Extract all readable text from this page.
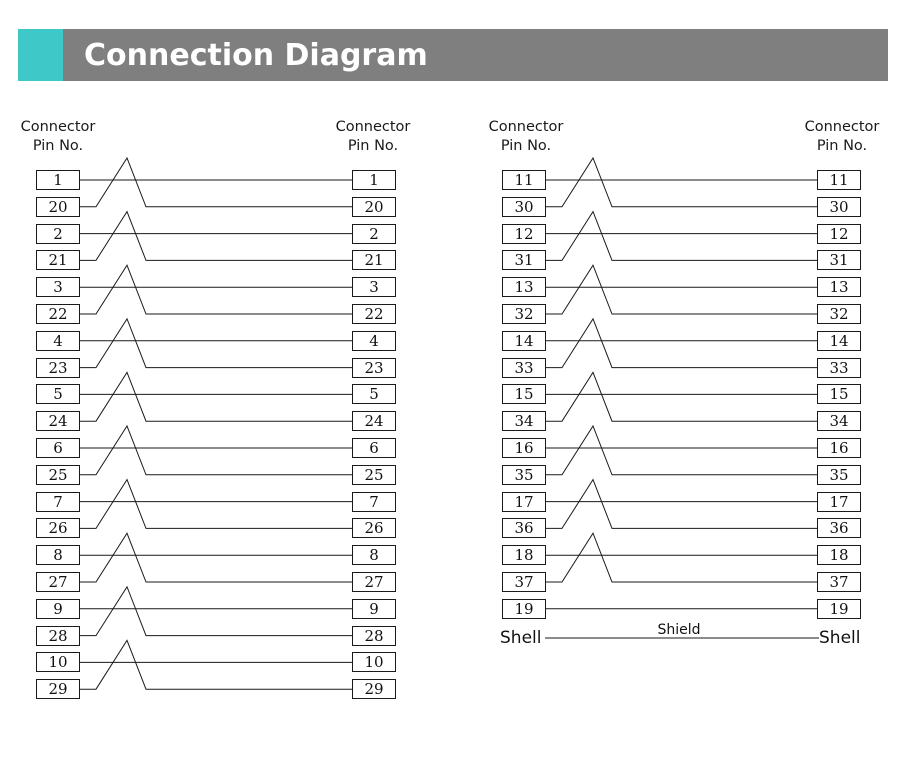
Connection Diagram
Connector
Pin No.
Connector
Pin No.
Connector
Pin No.
Connector
Pin No.
1	1
20	20
2	2
21	21
3	3
22	22
4	4
23	23
5	5
24	24
6	6
25	25
7	7
26	26
8	8
27	27
9	9
28	28
10	10
29	29
11	11
30	30
12	12
31	31
13	13
32	32
14	14
33	33
15	15
34	34
16	16
35	35
17	17
36	36
18	18
37	37
19	19
Shell	Shell
Shield
